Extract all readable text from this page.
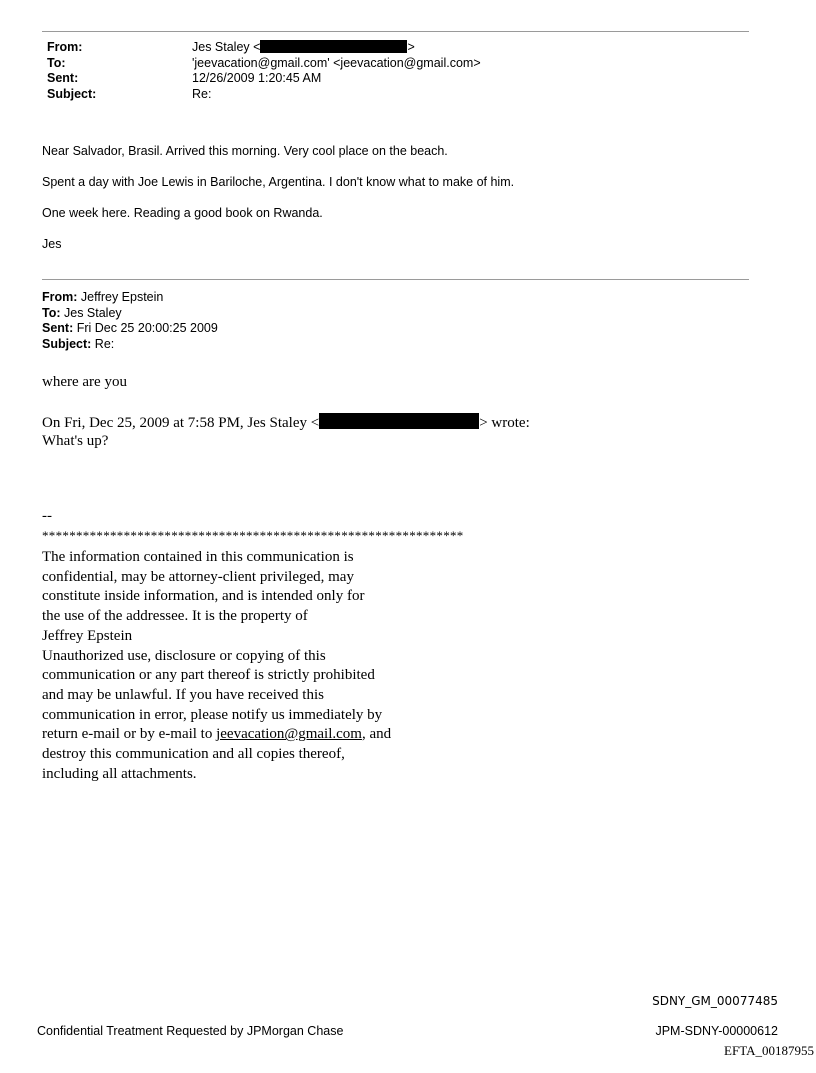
From:	Jes Staley <	>
To:	'jeevacation@gmail.com' <jeevacation@gmail.com>
Sent:	12/26/2009 1:20:45 AM
Subject:	Re:
Near Salvador, Brasil. Arrived this morning. Very cool place on the beach.
Spent a day with Joe Lewis in Bariloche, Argentina. I don't know what to make of him.
One week here. Reading a good book on Rwanda.
Jes
From: Jeffrey Epstein
To: Jes Staley
Sent: Fri Dec 25 20:00:25 2009
Subject: Re:
where are you
On Fri, Dec 25, 2009 at 7:58 PM, Jes Staley <	> wrote:
What's up?
--
**************************************************************
The information contained in this communication is
confidential, may be attorney-client privileged, may
constitute inside information, and is intended only for
the use of the addressee. It is the property of
Jeffrey Epstein
Unauthorized use, disclosure or copying of this
communication or any part thereof is strictly prohibited
and may be unlawful. If you have received this
communication in error, please notify us immediately by
return e-mail or by e-mail to jeevacation@gmail.com, and
destroy this communication and all copies thereof,
including all attachments.
SDNY_GM_00077485
Confidential Treatment Requested by JPMorgan Chase	JPM-SDNY-00000612
EFTA_00187955
